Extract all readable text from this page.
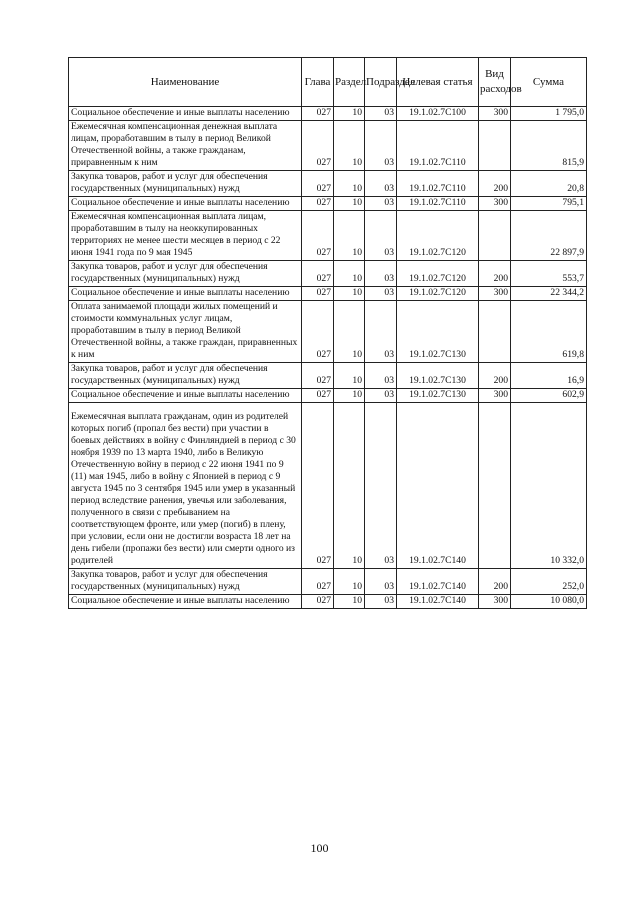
Наименование	Глава	Раздел	Подраздел	Целевая статья	Вид расходов	Сумма
Социальное обеспечение и иные выплаты населению	027	10	03	19.1.02.7С100	300	1 795,0
Ежемесячная компенсационная денежная выплата лицам, проработавшим в тылу в период Великой Отечественной войны, а также гражданам, приравненным к ним	027	10	03	19.1.02.7С110		815,9
Закупка товаров, работ и услуг для обеспечения государственных (муниципальных) нужд	027	10	03	19.1.02.7С110	200	20,8
Социальное обеспечение и иные выплаты населению	027	10	03	19.1.02.7С110	300	795,1
Ежемесячная компенсационная выплата лицам, проработавшим в тылу на неоккупированных территориях не менее шести месяцев в период с 22 июня 1941 года по 9 мая 1945	027	10	03	19.1.02.7С120		22 897,9
Закупка товаров, работ и услуг для обеспечения государственных (муниципальных) нужд	027	10	03	19.1.02.7С120	200	553,7
Социальное обеспечение и иные выплаты населению	027	10	03	19.1.02.7С120	300	22 344,2
Оплата занимаемой площади жилых помещений и стоимости коммунальных услуг лицам, проработавшим в тылу в период Великой Отечественной войны, а также граждан, приравненных к ним	027	10	03	19.1.02.7С130		619,8
Закупка товаров, работ и услуг для обеспечения государственных (муниципальных) нужд	027	10	03	19.1.02.7С130	200	16,9
Социальное обеспечение и иные выплаты населению	027	10	03	19.1.02.7С130	300	602,9
Ежемесячная выплата гражданам, один из родителей которых погиб (пропал без вести) при участии в боевых действиях в войну с Финляндией в период с 30 ноября 1939 по 13 марта 1940, либо в Великую Отечественную войну в период с 22 июня 1941 по 9 (11) мая 1945, либо в войну с Японией в период с 9 августа 1945 по 3 сентября 1945 или умер в указанный период вследствие ранения, увечья или заболевания, полученного в связи с пребыванием на соответствующем фронте, или умер (погиб) в плену, при условии, если они не достигли возраста 18 лет на день гибели (пропажи без вести) или смерти одного из родителей	027	10	03	19.1.02.7С140		10 332,0
Закупка товаров, работ и услуг для обеспечения государственных (муниципальных) нужд	027	10	03	19.1.02.7С140	200	252,0
Социальное обеспечение и иные выплаты населению	027	10	03	19.1.02.7С140	300	10 080,0
100
